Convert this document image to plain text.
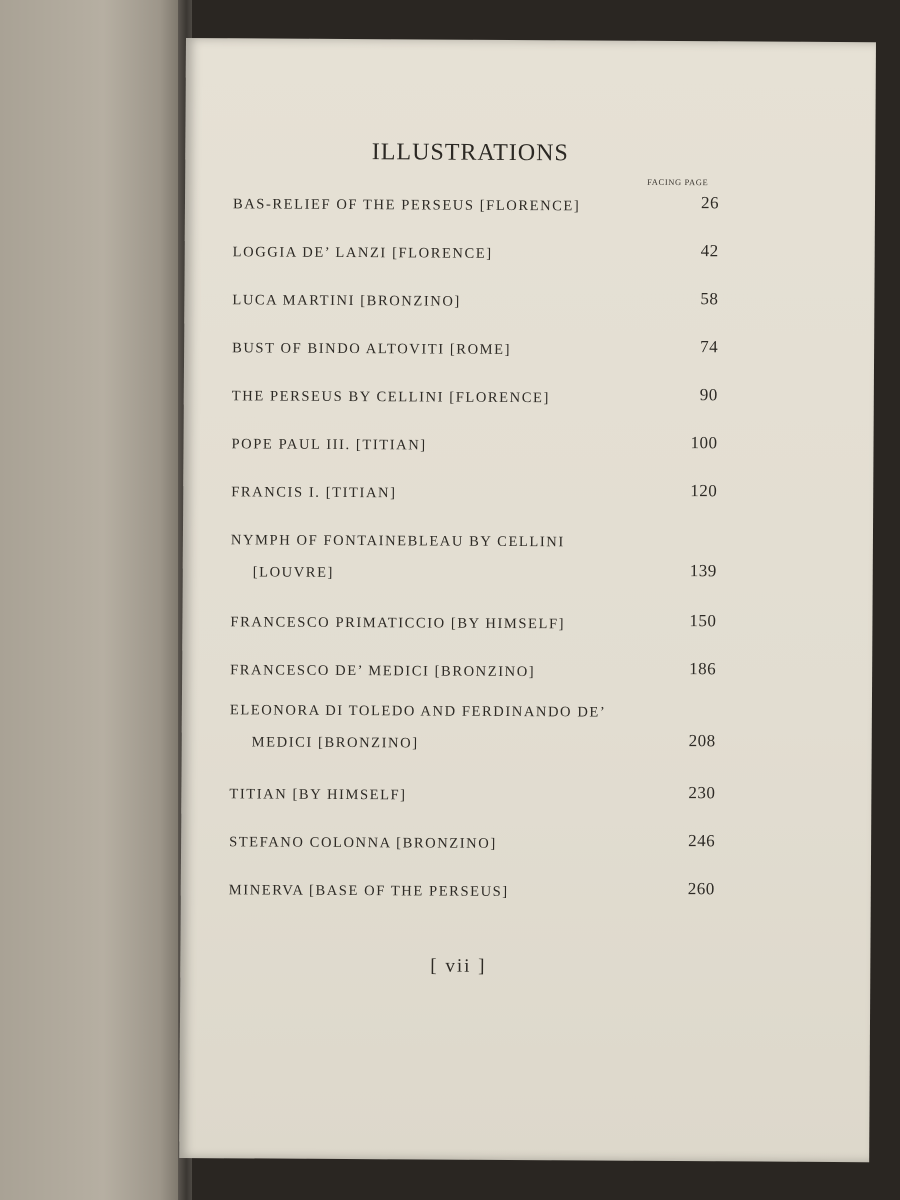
ILLUSTRATIONS
FACING PAGE
BAS-RELIEF OF THE PERSEUS [FLORENCE]	26
LOGGIA DE’ LANZI [FLORENCE]	42
LUCA MARTINI [BRONZINO]	58
BUST OF BINDO ALTOVITI [ROME]	74
THE PERSEUS BY CELLINI [FLORENCE]	90
POPE PAUL III. [TITIAN]	100
FRANCIS I. [TITIAN]	120
NYMPH OF FONTAINEBLEAU BY CELLINI
[LOUVRE]	139
FRANCESCO PRIMATICCIO [BY HIMSELF]	150
FRANCESCO DE’ MEDICI [BRONZINO]	186
ELEONORA DI TOLEDO AND FERDINANDO DE’
MEDICI [BRONZINO]	208
TITIAN [BY HIMSELF]	230
STEFANO COLONNA [BRONZINO]	246
MINERVA [BASE OF THE PERSEUS]	260
[ vii ]
